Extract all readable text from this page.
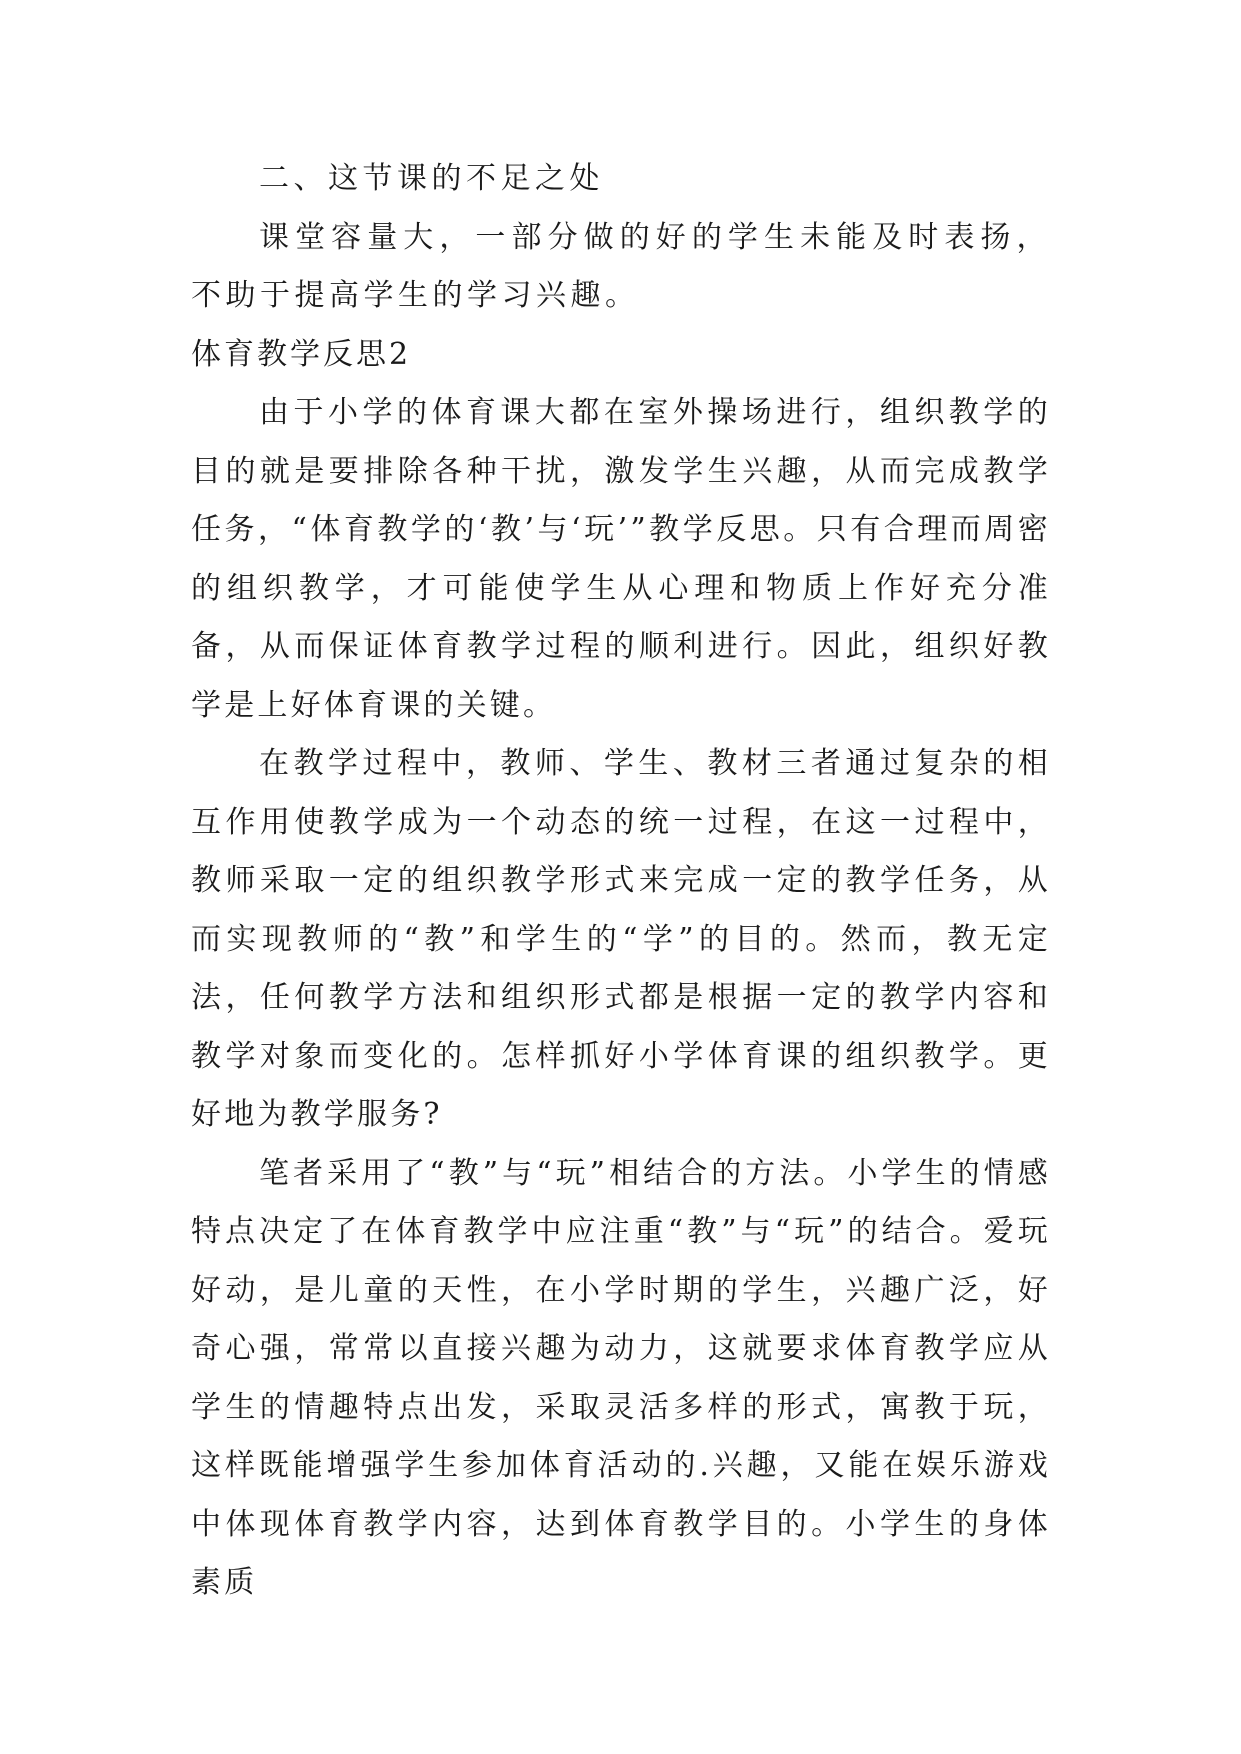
二、这节课的不足之处

课堂容量大，一部分做的好的学生未能及时表扬，不助于提高学生的学习兴趣。

体育教学反思2

由于小学的体育课大都在室外操场进行，组织教学的目的就是要排除各种干扰，激发学生兴趣，从而完成教学任务，“体育教学的‘教’与‘玩’”教学反思。只有合理而周密的组织教学，才可能使学生从心理和物质上作好充分准备，从而保证体育教学过程的顺利进行。因此，组织好教学是上好体育课的关键。

在教学过程中，教师、学生、教材三者通过复杂的相互作用使教学成为一个动态的统一过程，在这一过程中，教师采取一定的组织教学形式来完成一定的教学任务，从而实现教师的“教”和学生的“学”的目的。然而，教无定法，任何教学方法和组织形式都是根据一定的教学内容和教学对象而变化的。怎样抓好小学体育课的组织教学。更好地为教学服务?

笔者采用了“教”与“玩”相结合的方法。小学生的情感特点决定了在体育教学中应注重“教”与“玩”的结合。爱玩好动，是儿童的天性，在小学时期的学生，兴趣广泛，好奇心强，常常以直接兴趣为动力，这就要求体育教学应从学生的情趣特点出发，采取灵活多样的形式，寓教于玩，这样既能增强学生参加体育活动的.兴趣，又能在娱乐游戏中体现体育教学内容，达到体育教学目的。小学生的身体素质
